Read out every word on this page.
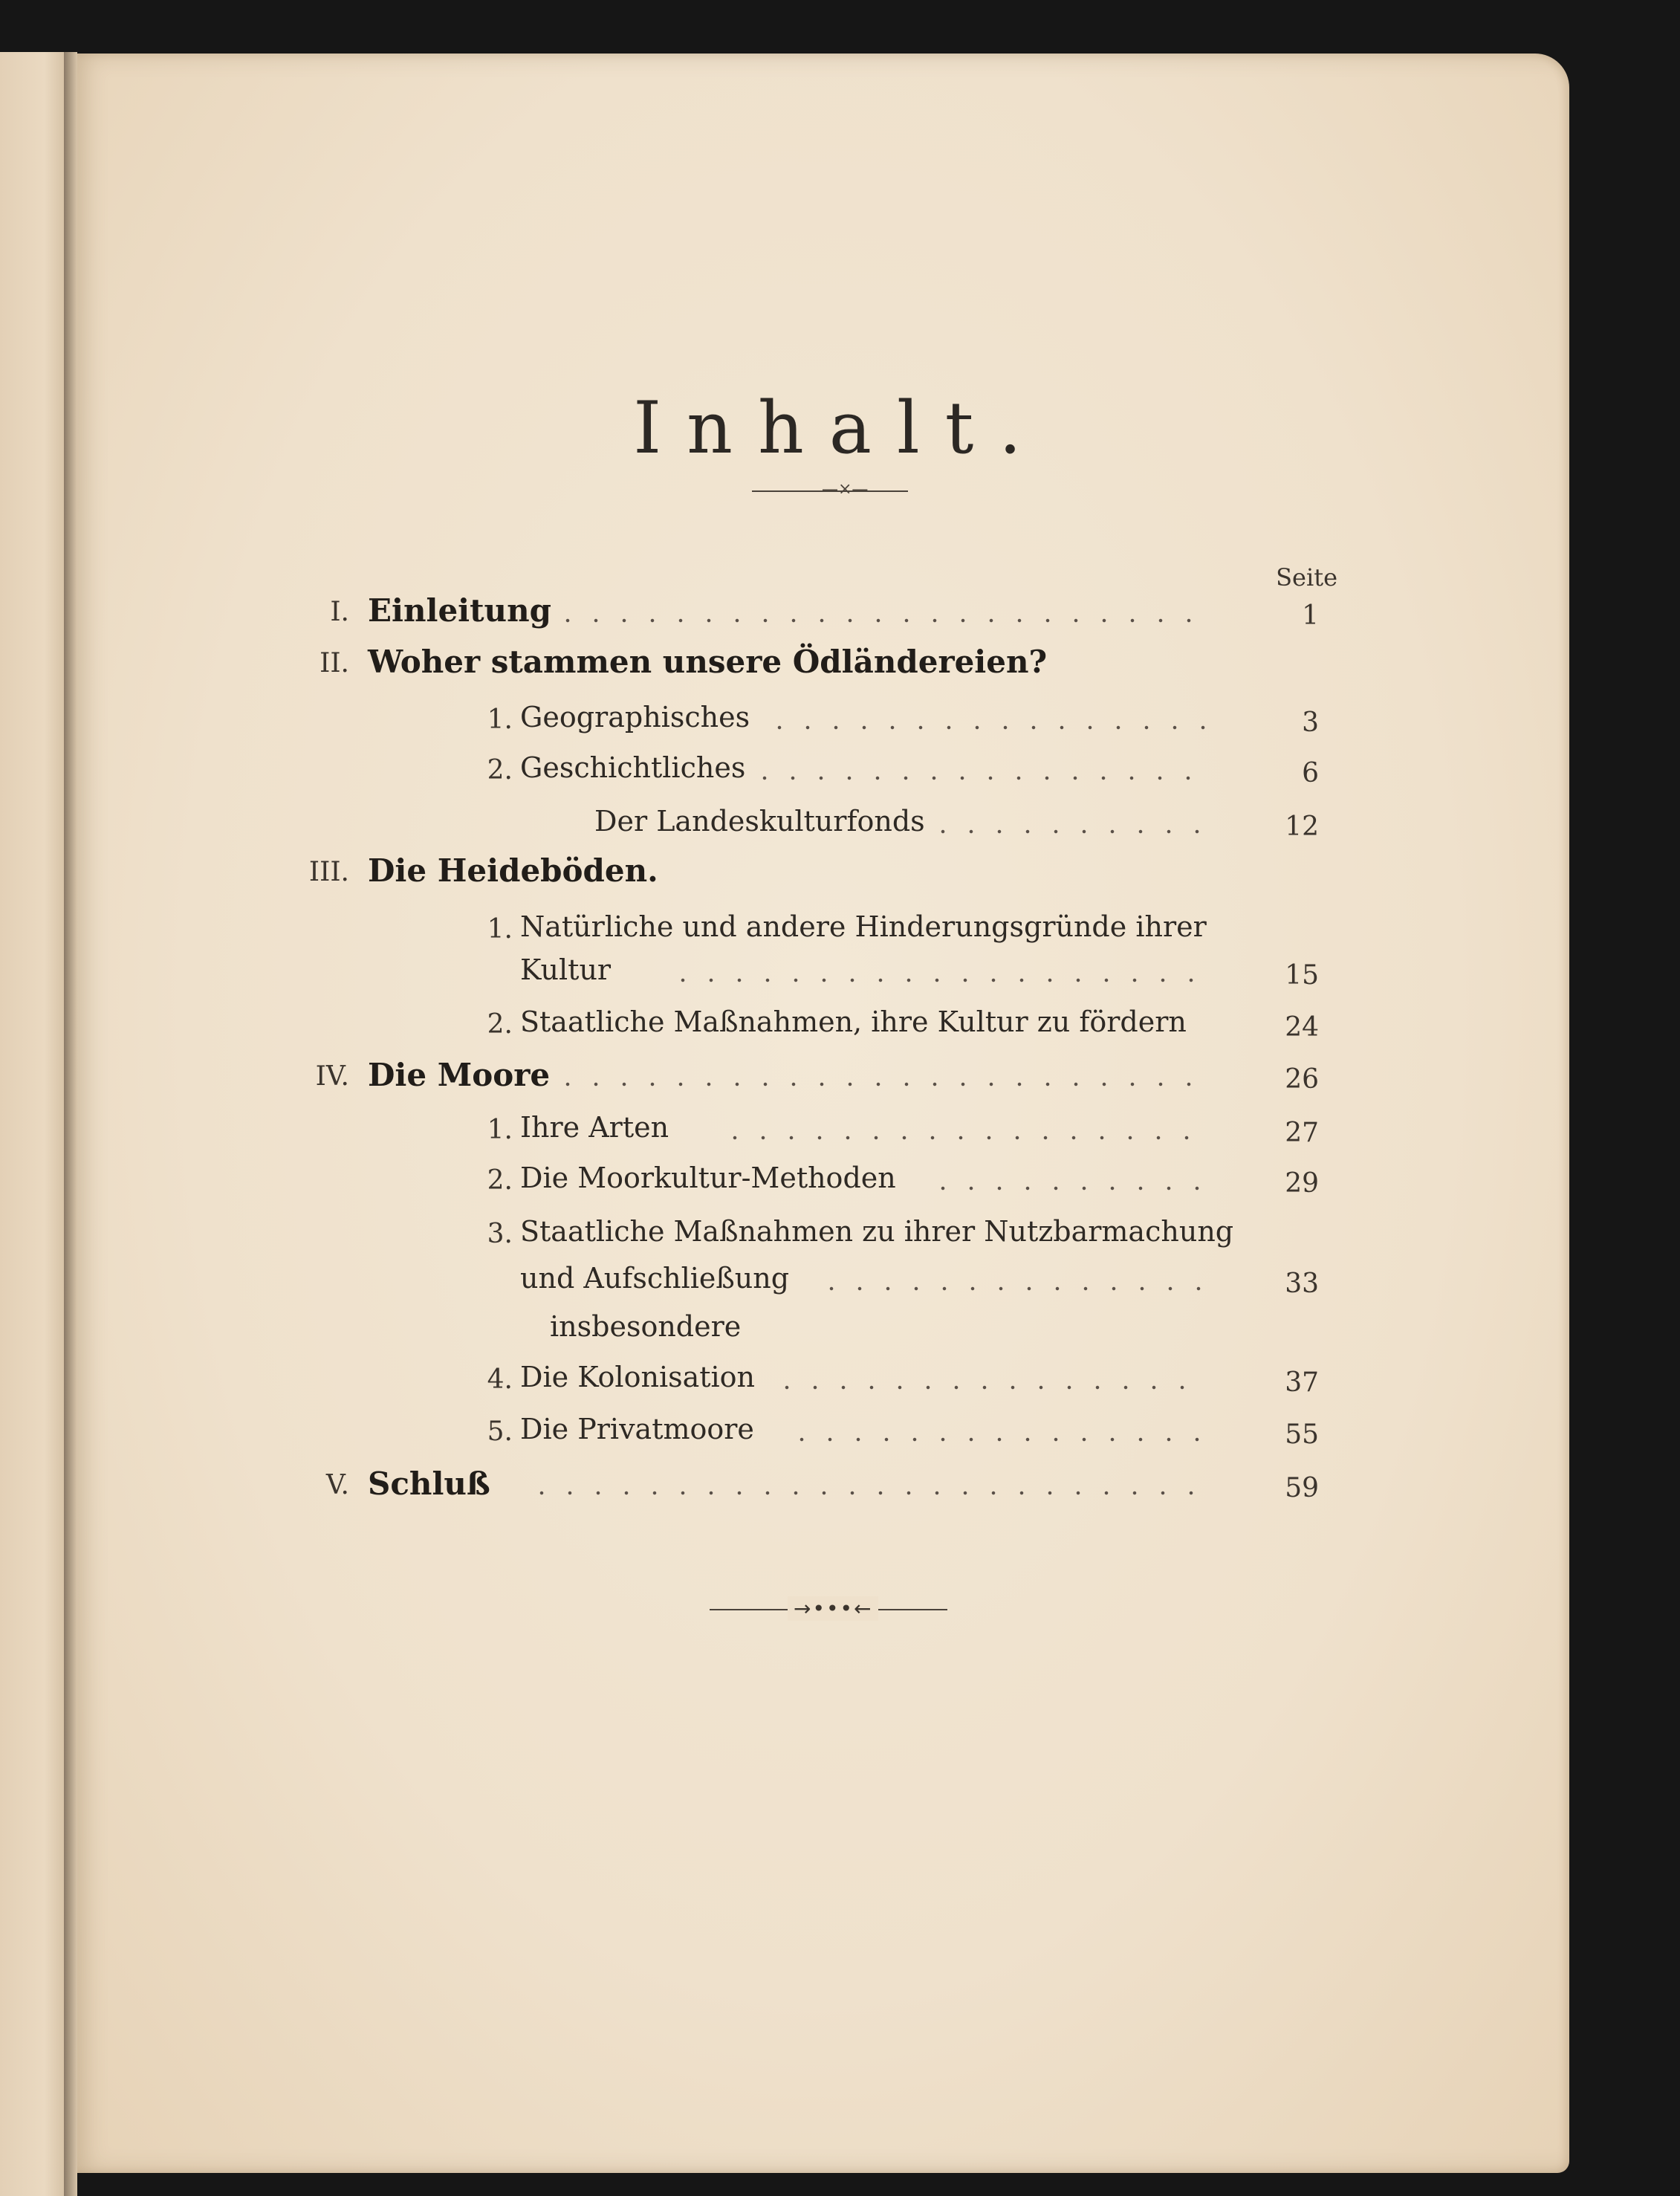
Inhalt.
—×—
Seite
I. Einleitung	1
II. Woher stammen unsere Ödländereien?
1. Geographisches	3
2. Geschichtliches	6
Der Landeskulturfonds	12
III. Die Heideböden.
1. Natürliche und andere Hinderungsgründe ihrer
Kultur	15
2. Staatliche Maßnahmen, ihre Kultur zu fördern	24
IV. Die Moore	26
1. Ihre Arten	27
2. Die Moorkultur-Methoden	29
3. Staatliche Maßnahmen zu ihrer Nutzbarmachung
und Aufschließung	33
insbesondere
4. Die Kolonisation	37
5. Die Privatmoore	55
V. Schluß	59
→•••←
